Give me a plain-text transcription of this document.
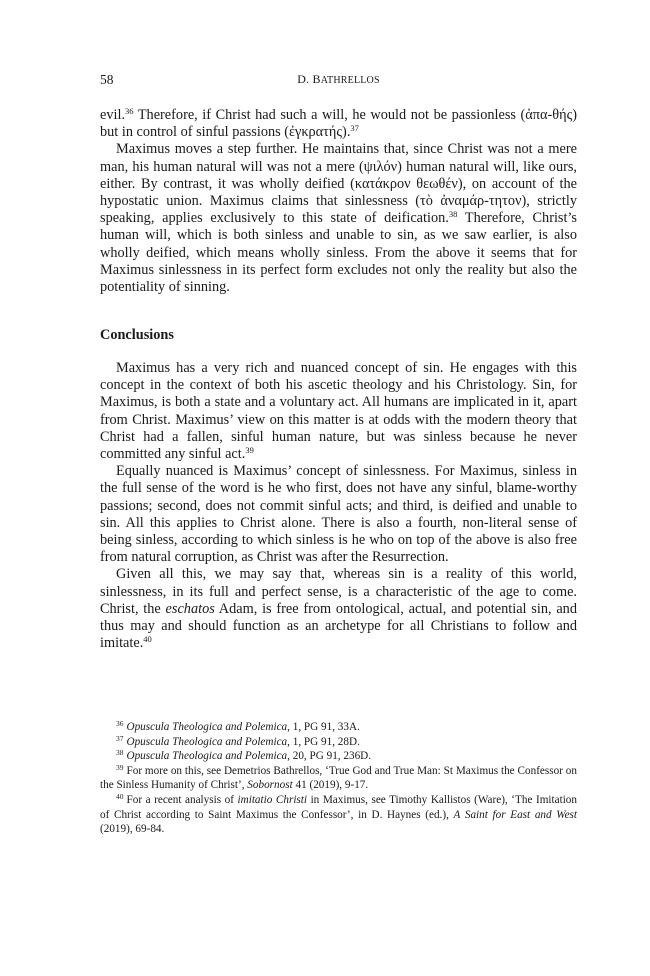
58	D. BATHRELLOS

evil.$^{36}$ Therefore, if Christ had such a will, he would not be passionless (ἀπα-θής) but in control of sinful passions (ἐγκρατής).$^{37}$

Maximus moves a step further. He maintains that, since Christ was not a mere man, his human natural will was not a mere (ψιλόν) human natural will, like ours, either. By contrast, it was wholly deified (κατάκρον θεωθέν), on account of the hypostatic union. Maximus claims that sinlessness (τὸ ἀναμάρ-τητον), strictly speaking, applies exclusively to this state of deification.$^{38}$ Therefore, Christ’s human will, which is both sinless and unable to sin, as we saw earlier, is also wholly deified, which means wholly sinless. From the above it seems that for Maximus sinlessness in its perfect form excludes not only the reality but also the potentiality of sinning.

Conclusions

Maximus has a very rich and nuanced concept of sin. He engages with this concept in the context of both his ascetic theology and his Christology. Sin, for Maximus, is both a state and a voluntary act. All humans are implicated in it, apart from Christ. Maximus’ view on this matter is at odds with the modern theory that Christ had a fallen, sinful human nature, but was sinless because he never committed any sinful act.$^{39}$

Equally nuanced is Maximus’ concept of sinlessness. For Maximus, sinless in the full sense of the word is he who first, does not have any sinful, blame-worthy passions; second, does not commit sinful acts; and third, is deified and unable to sin. All this applies to Christ alone. There is also a fourth, non-literal sense of being sinless, according to which sinless is he who on top of the above is also free from natural corruption, as Christ was after the Resurrection.

Given all this, we may say that, whereas sin is a reality of this world, sinlessness, in its full and perfect sense, is a characteristic of the age to come. Christ, the eschatos Adam, is free from ontological, actual, and potential sin, and thus may and should function as an archetype for all Christians to follow and imitate.$^{40}$

$^{36}$ Opuscula Theologica and Polemica, 1, PG 91, 33A.

$^{37}$ Opuscula Theologica and Polemica, 1, PG 91, 28D.

$^{38}$ Opuscula Theologica and Polemica, 20, PG 91, 236D.

$^{39}$ For more on this, see Demetrios Bathrellos, ‘True God and True Man: St Maximus the Confessor on the Sinless Humanity of Christ’, Sobornost 41 (2019), 9-17.

$^{40}$ For a recent analysis of imitatio Christi in Maximus, see Timothy Kallistos (Ware), ‘The Imitation of Christ according to Saint Maximus the Confessor’, in D. Haynes (ed.), A Saint for East and West (2019), 69-84.
